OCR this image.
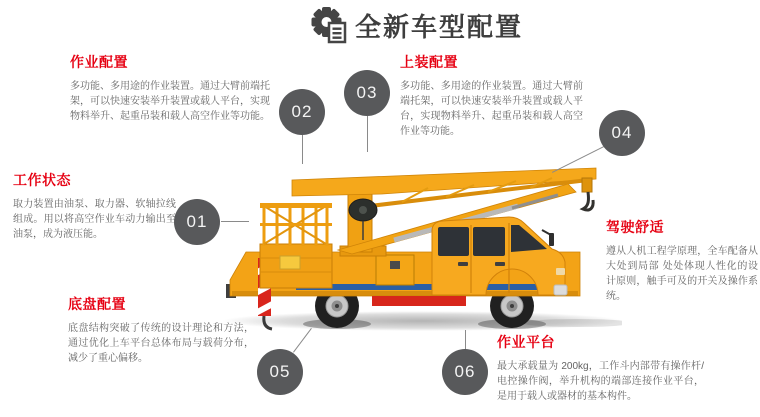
全新车型配置
01
02
03
04
05	06
作业配置

多功能、多用途的作业装置。通过大臂前端托架，可以快速安装举升装置或载人平台，实现物料举升、起重吊装和载人高空作业等功能。

上装配置

多功能、多用途的作业装置。通过大臂前端托架，可以快速安装举升装置或载人平台，实现物料举升、起重吊装和载人高空作业等功能。

工作状态

取力装置由油泵、取力器、软轴拉线组成。用以将高空作业车动力输出至油泵，成为液压能。	驾驶舒适

遵从人机工程学原理，全车配备从大处到局部 处处体现人性化的设计原则，触手可及的开关及操作系统。

底盘配置

底盘结构突破了传统的设计理论和方法，通过优化上车平台总体布局与载荷分布，减少了重心偏移。

作业平台

最大承载量为 200kg，工作斗内部带有操作杆/电控操作阀，举升机构的端部连接作业平台，是用于载人或器材的基本构件。
